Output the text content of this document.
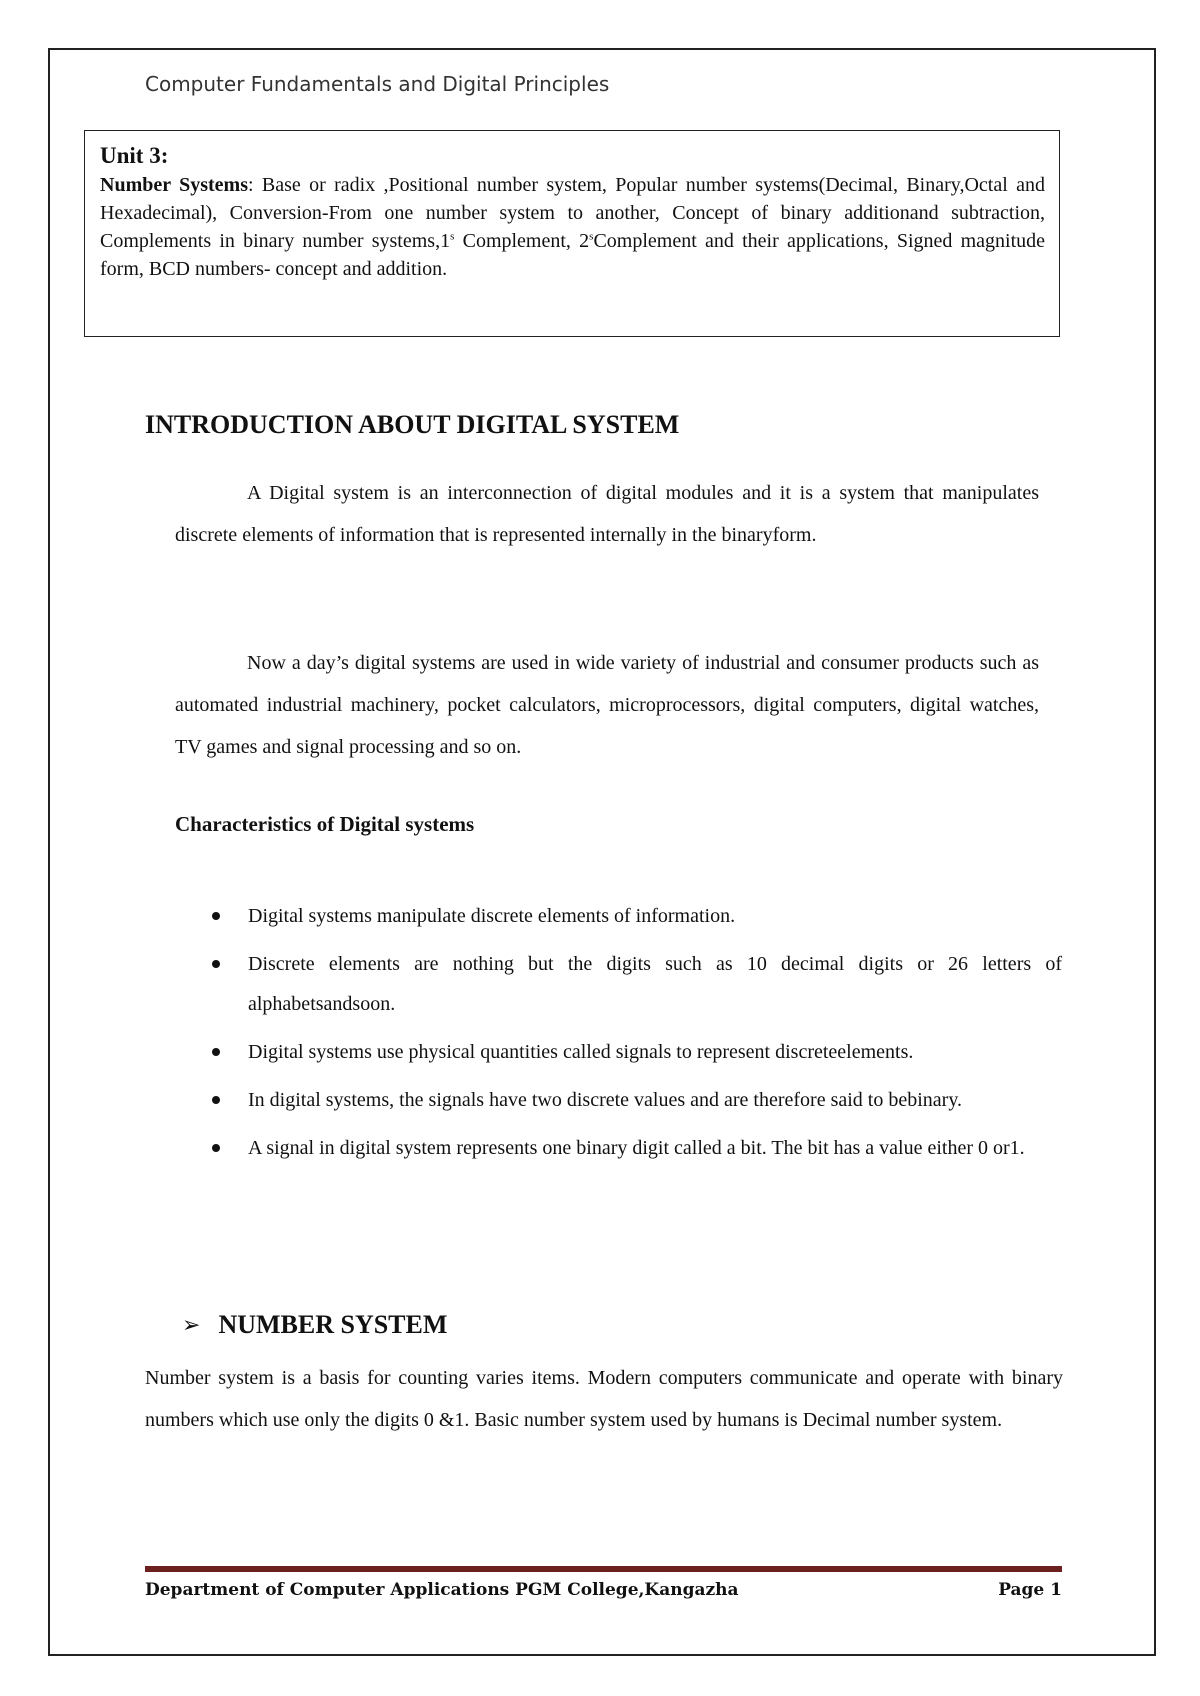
Computer Fundamentals and Digital Principles
Unit 3:

Number Systems: Base or radix ,Positional number system, Popular number systems(Decimal, Binary,Octal and Hexadecimal), Conversion-From one number system to another, Concept of binary additionand subtraction, Complements in binary number systems,1$^s$ Complement, 2$^s$Complement and their applications, Signed magnitude form, BCD numbers- concept and addition.

INTRODUCTION ABOUT DIGITAL SYSTEM

A Digital system is an interconnection of digital modules and it is a system that manipulates discrete elements of information that is represented internally in the binaryform.

Now a day’s digital systems are used in wide variety of industrial and consumer products such as automated industrial machinery, pocket calculators, microprocessors, digital computers, digital watches, TV games and signal processing and so on.

Characteristics of Digital systems
Digital systems manipulate discrete elements of information.
Discrete elements are nothing but the digits such as 10 decimal digits or 26 letters of alphabetsandsoon.
Digital systems use physical quantities called signals to represent discreteelements.
In digital systems, the signals have two discrete values and are therefore said to bebinary.
A signal in digital system represents one binary digit called a bit. The bit has a value either 0 or1.
➢ NUMBER SYSTEM

Number system is a basis for counting varies items. Modern computers communicate and operate with binary numbers which use only the digits 0 &1. Basic number system used by humans is Decimal number system.

Department of Computer Applications PGM College,Kangazha	Page 1
